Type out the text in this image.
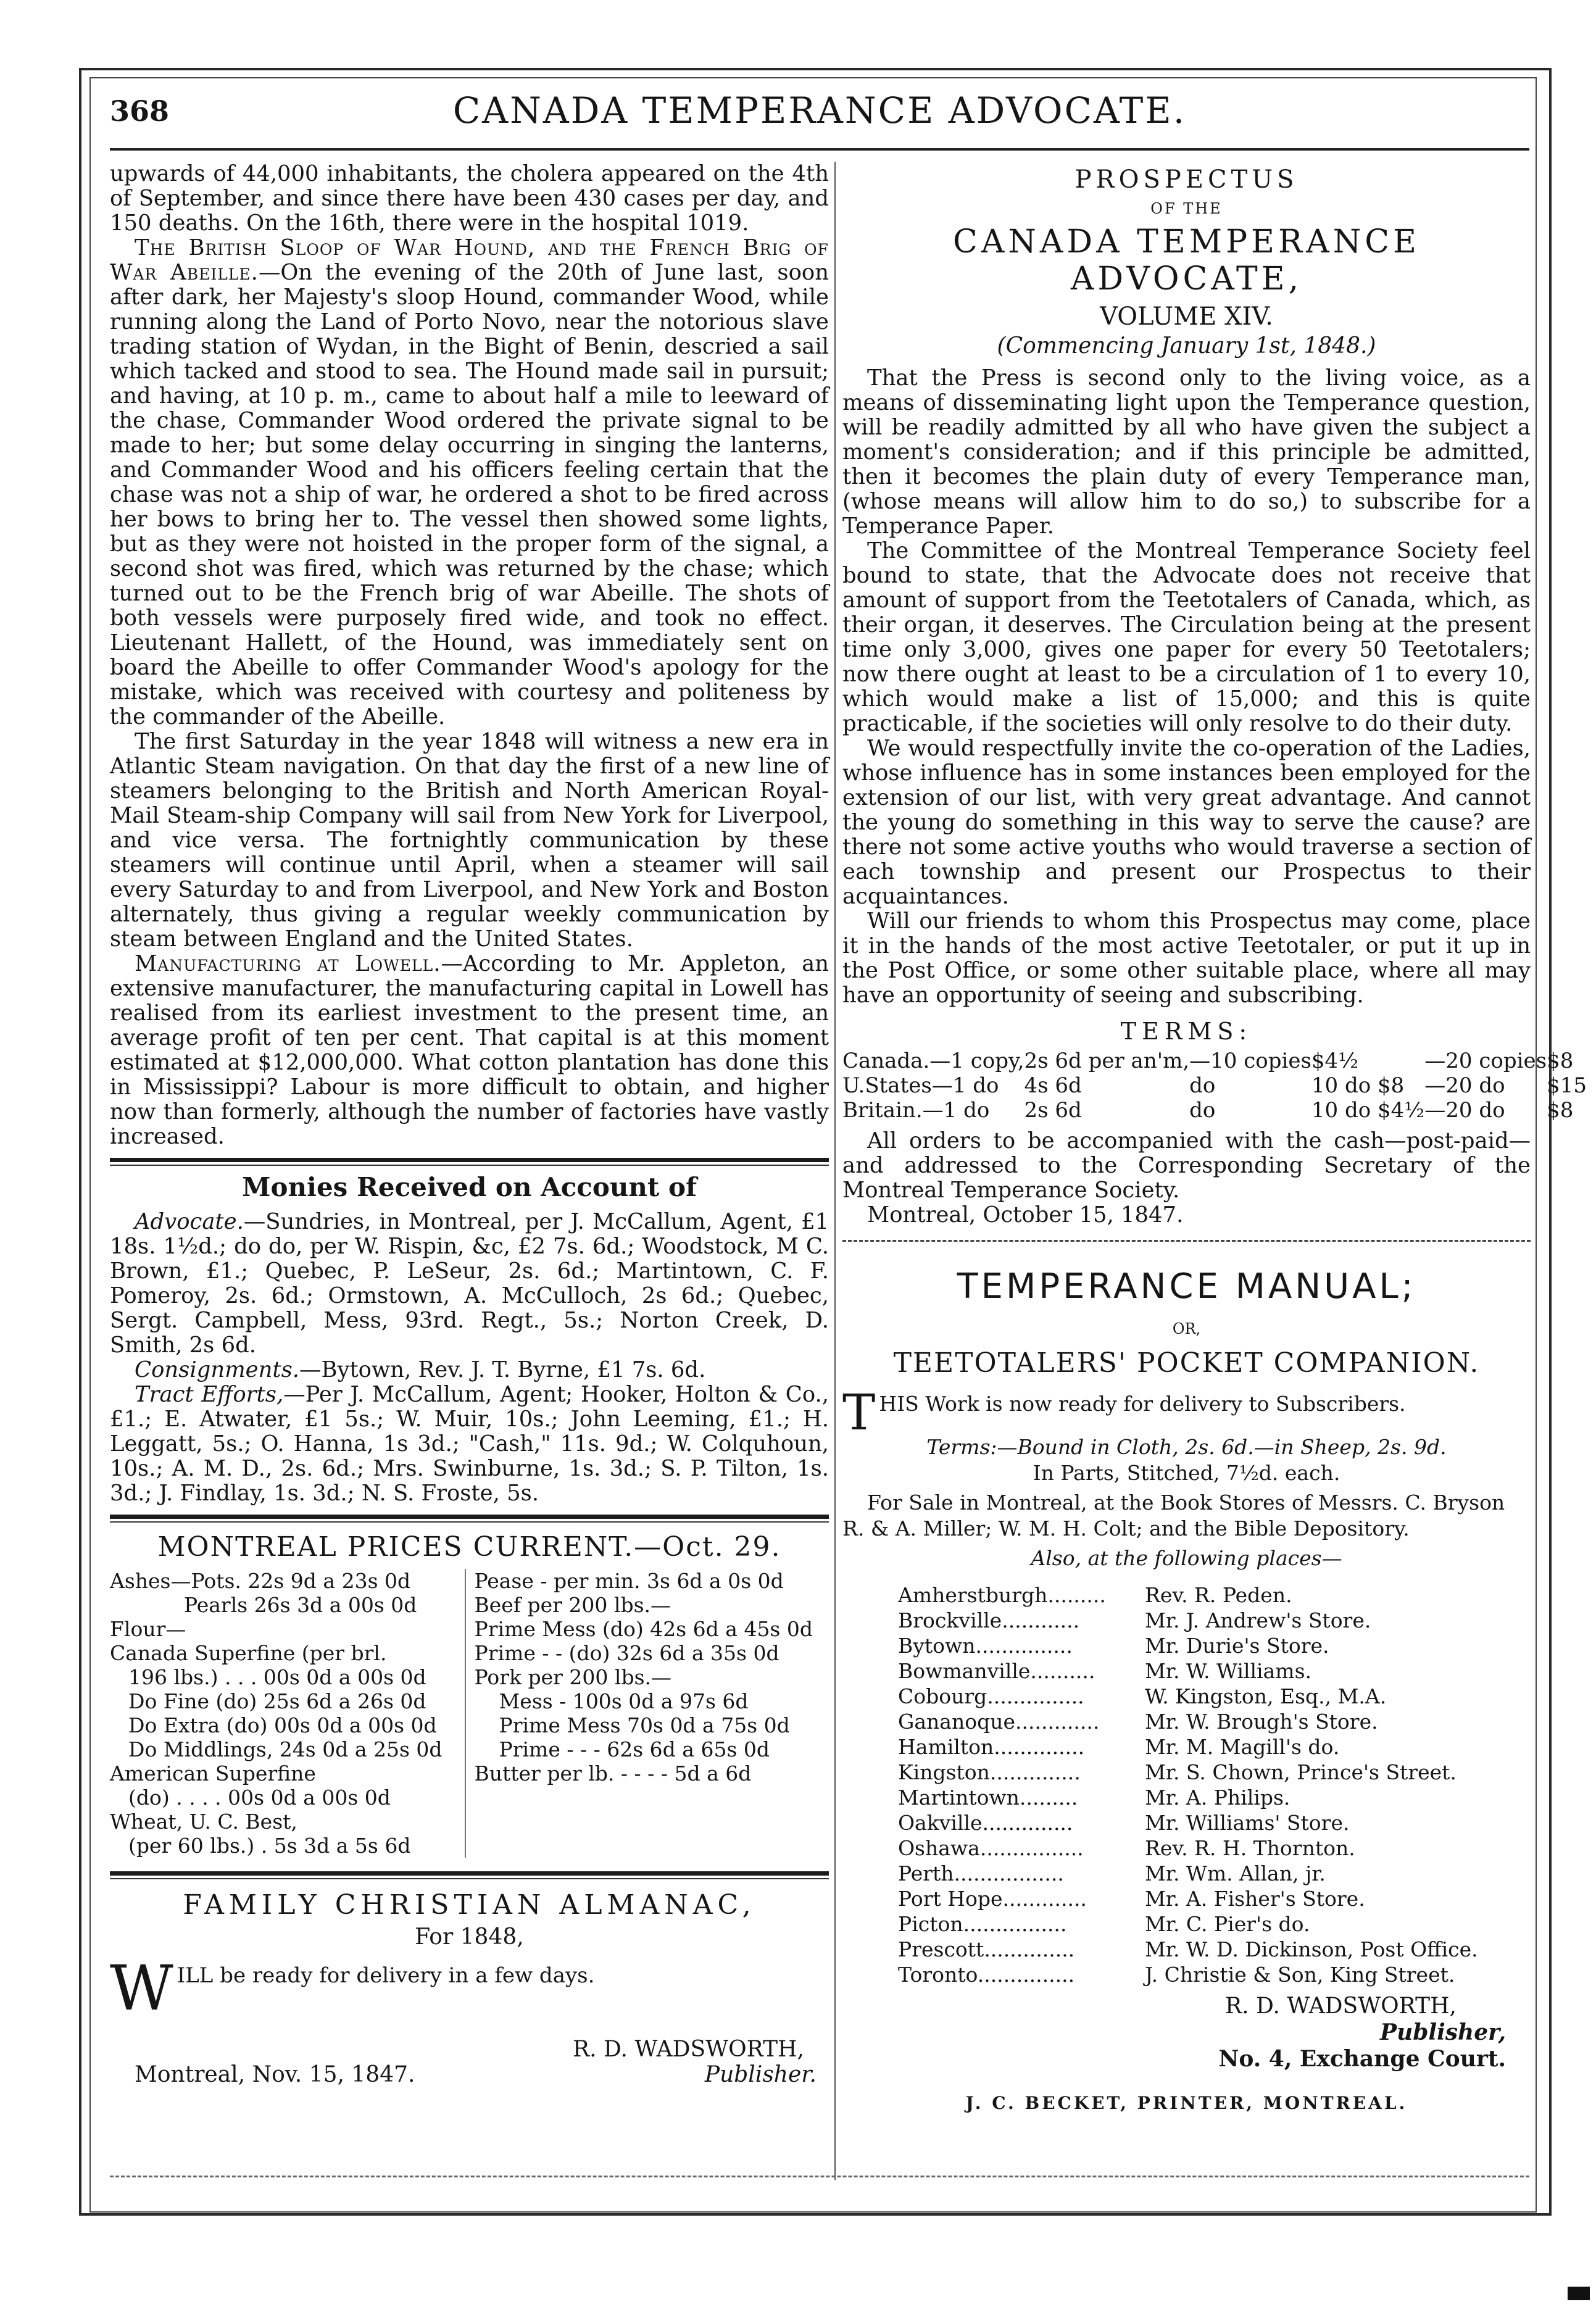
368	CANADA TEMPERANCE ADVOCATE.

upwards of 44,000 inhabitants, the cholera appeared on the 4th of September, and since there have been 430 cases per day, and 150 deaths. On the 16th, there were in the hospital 1019.

The British Sloop of War Hound, and the French Brig of War Abeille.—On the evening of the 20th of June last, soon after dark, her Majesty's sloop Hound, commander Wood, while running along the Land of Porto Novo, near the notorious slave trading station of Wydan, in the Bight of Benin, descried a sail which tacked and stood to sea. The Hound made sail in pursuit; and having, at 10 p. m., came to about half a mile to leeward of the chase, Commander Wood ordered the private signal to be made to her; but some delay occurring in singing the lanterns, and Commander Wood and his officers feeling certain that the chase was not a ship of war, he ordered a shot to be fired across her bows to bring her to. The vessel then showed some lights, but as they were not hoisted in the proper form of the signal, a second shot was fired, which was returned by the chase; which turned out to be the French brig of war Abeille. The shots of both vessels were purposely fired wide, and took no effect. Lieutenant Hallett, of the Hound, was immediately sent on board the Abeille to offer Commander Wood's apology for the mistake, which was received with courtesy and politeness by the commander of the Abeille.

The first Saturday in the year 1848 will witness a new era in Atlantic Steam navigation. On that day the first of a new line of steamers belonging to the British and North American Royal-Mail Steam-ship Company will sail from New York for Liverpool, and vice versa. The fortnightly communication by these steamers will continue until April, when a steamer will sail every Saturday to and from Liverpool, and New York and Boston alternately, thus giving a regular weekly communication by steam between England and the United States.

Manufacturing at Lowell.—According to Mr. Appleton, an extensive manufacturer, the manufacturing capital in Lowell has realised from its earliest investment to the present time, an average profit of ten per cent. That capital is at this moment estimated at $12,000,000. What cotton plantation has done this in Mississippi? Labour is more difficult to obtain, and higher now than formerly, although the number of factories have vastly increased.

Monies Received on Account of

Advocate.—Sundries, in Montreal, per J. McCallum, Agent, £1 18s. 1½d.; do do, per W. Rispin, &c, £2 7s. 6d.; Woodstock, M C. Brown, £1.; Quebec, P. LeSeur, 2s. 6d.; Martintown, C. F. Pomeroy, 2s. 6d.; Ormstown, A. McCulloch, 2s 6d.; Quebec, Sergt. Campbell, Mess, 93rd. Regt., 5s.; Norton Creek, D. Smith, 2s 6d.

Consignments.—Bytown, Rev. J. T. Byrne, £1 7s. 6d.

Tract Efforts,—Per J. McCallum, Agent; Hooker, Holton & Co., £1.; E. Atwater, £1 5s.; W. Muir, 10s.; John Leeming, £1.; H. Leggatt, 5s.; O. Hanna, 1s 3d.; "Cash," 11s. 9d.; W. Colquhoun, 10s.; A. M. D., 2s. 6d.; Mrs. Swinburne, 1s. 3d.; S. P. Tilton, 1s. 3d.; J. Findlay, 1s. 3d.; N. S. Froste, 5s.

MONTREAL PRICES CURRENT.—Oct. 29.
Ashes—Pots. 22s 9d a 23s 0d
Pearls 26s 3d a 00s 0d
Flour—
Canada Superfine (per brl.
196 lbs.) . . . 00s 0d a 00s 0d
Do Fine (do) 25s 6d a 26s 0d
Do Extra (do) 00s 0d a 00s 0d
Do Middlings, 24s 0d a 25s 0d
American Superfine
(do) . . . . 00s 0d a 00s 0d
Wheat, U. C. Best,
(per 60 lbs.) . 5s 3d a 5s 6d
Pease - per min. 3s 6d a 0s 0d
Beef per 200 lbs.—
Prime Mess (do) 42s 6d a 45s 0d
Prime - - (do) 32s 6d a 35s 0d
Pork per 200 lbs.—
Mess - 100s 0d a 97s 6d
Prime Mess 70s 0d a 75s 0d
Prime - - - 62s 6d a 65s 0d
Butter per lb. - - - - 5d a 6d
FAMILY CHRISTIAN ALMANAC,
For 1848,
W ILL be ready for delivery in a few days.
R. D. WADSWORTH,
Montreal, Nov. 15, 1847.	Publisher.
PROSPECTUS
OF THE
CANADA TEMPERANCE ADVOCATE,
VOLUME XIV.
(Commencing January 1st, 1848.)

That the Press is second only to the living voice, as a means of disseminating light upon the Temperance question, will be readily admitted by all who have given the subject a moment's consideration; and if this principle be admitted, then it becomes the plain duty of every Temperance man, (whose means will allow him to do so,) to subscribe for a Temperance Paper.

The Committee of the Montreal Temperance Society feel bound to state, that the Advocate does not receive that amount of support from the Teetotalers of Canada, which, as their organ, it deserves. The Circulation being at the present time only 3,000, gives one paper for every 50 Teetotalers; now there ought at least to be a circulation of 1 to every 10, which would make a list of 15,000; and this is quite practicable, if the societies will only resolve to do their duty.

We would respectfully invite the co-operation of the Ladies, whose influence has in some instances been employed for the extension of our list, with very great advantage. And cannot the young do something in this way to serve the cause? are there not some active youths who would traverse a section of each township and present our Prospectus to their acquaintances.

Will our friends to whom this Prospectus may come, place it in the hands of the most active Teetotaler, or put it up in the Post Office, or some other suitable place, where all may have an opportunity of seeing and subscribing.

TERMS:
Canada.—1 copy,	2s 6d per an'm,	—10 copies	$4½	—20 copies	$8
U.States—1 do	4s 6d	do	10 do $8	—20 do	$15
Britain.—1 do	2s 6d	do	10 do $4½	—20 do	$8

All orders to be accompanied with the cash—post-paid—and addressed to the Corresponding Secretary of the Montreal Temperance Society.

Montreal, October 15, 1847.

TEMPERANCE MANUAL;
OR,
TEETOTALERS' POCKET COMPANION.
T HIS Work is now ready for delivery to Subscribers.
Terms:—Bound in Cloth, 2s. 6d.—in Sheep, 2s. 9d.
In Parts, Stitched, 7½d. each.
For Sale in Montreal, at the Book Stores of Messrs. C. Bryson R. & A. Miller; W. M. H. Colt; and the Bible Depository.
Also, at the following places—
Amherstburgh.........	Rev. R. Peden.
Brockville............	Mr. J. Andrew's Store.
Bytown...............	Mr. Durie's Store.
Bowmanville..........	Mr. W. Williams.
Cobourg...............	W. Kingston, Esq., M.A.
Gananoque.............	Mr. W. Brough's Store.
Hamilton..............	Mr. M. Magill's do.
Kingston..............	Mr. S. Chown, Prince's Street.
Martintown.........	Mr. A. Philips.
Oakville..............	Mr. Williams' Store.
Oshawa................	Rev. R. H. Thornton.
Perth.................	Mr. Wm. Allan, jr.
Port Hope.............	Mr. A. Fisher's Store.
Picton................	Mr. C. Pier's do.
Prescott..............	Mr. W. D. Dickinson, Post Office.
Toronto...............	J. Christie & Son, King Street.
R. D. WADSWORTH,
Publisher,
No. 4, Exchange Court.
J. C. BECKET, PRINTER, MONTREAL.
